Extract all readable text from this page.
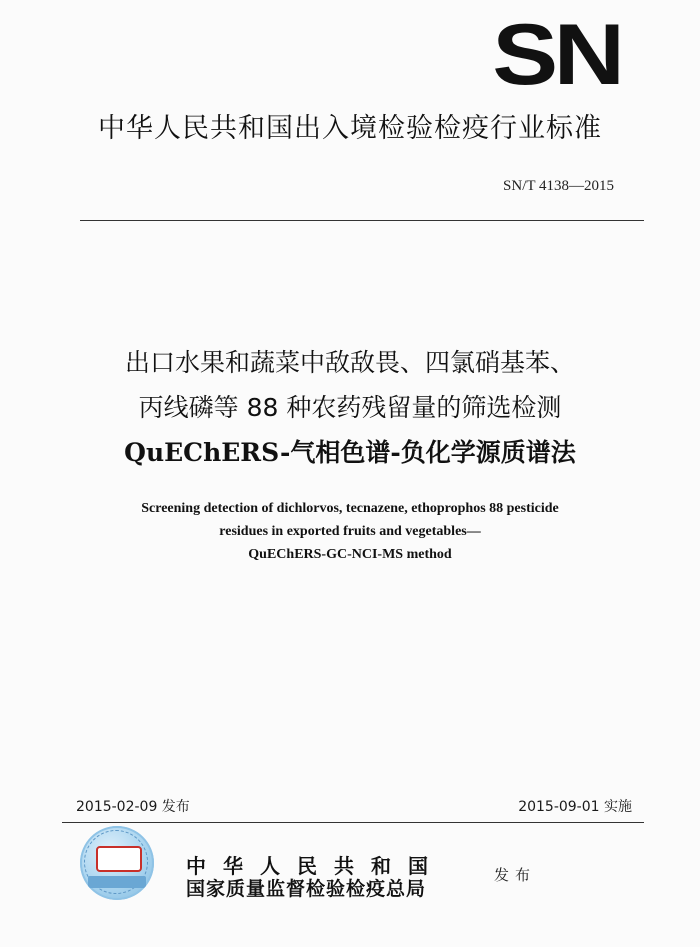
SN
中华人民共和国出入境检验检疫行业标准
SN/T 4138—2015
出口水果和蔬菜中敌敌畏、四氯硝基苯、
丙线磷等 88 种农药残留量的筛选检测
QuEChERS-气相色谱-负化学源质谱法
Screening detection of dichlorvos, tecnazene, ethoprophos 88 pesticide
residues in exported fruits and vegetables—
QuEChERS-GC-NCI-MS method
2015-02-09 发布	2015-09-01 实施
中华人民共和国
国家质量监督检验检疫总局
发布
